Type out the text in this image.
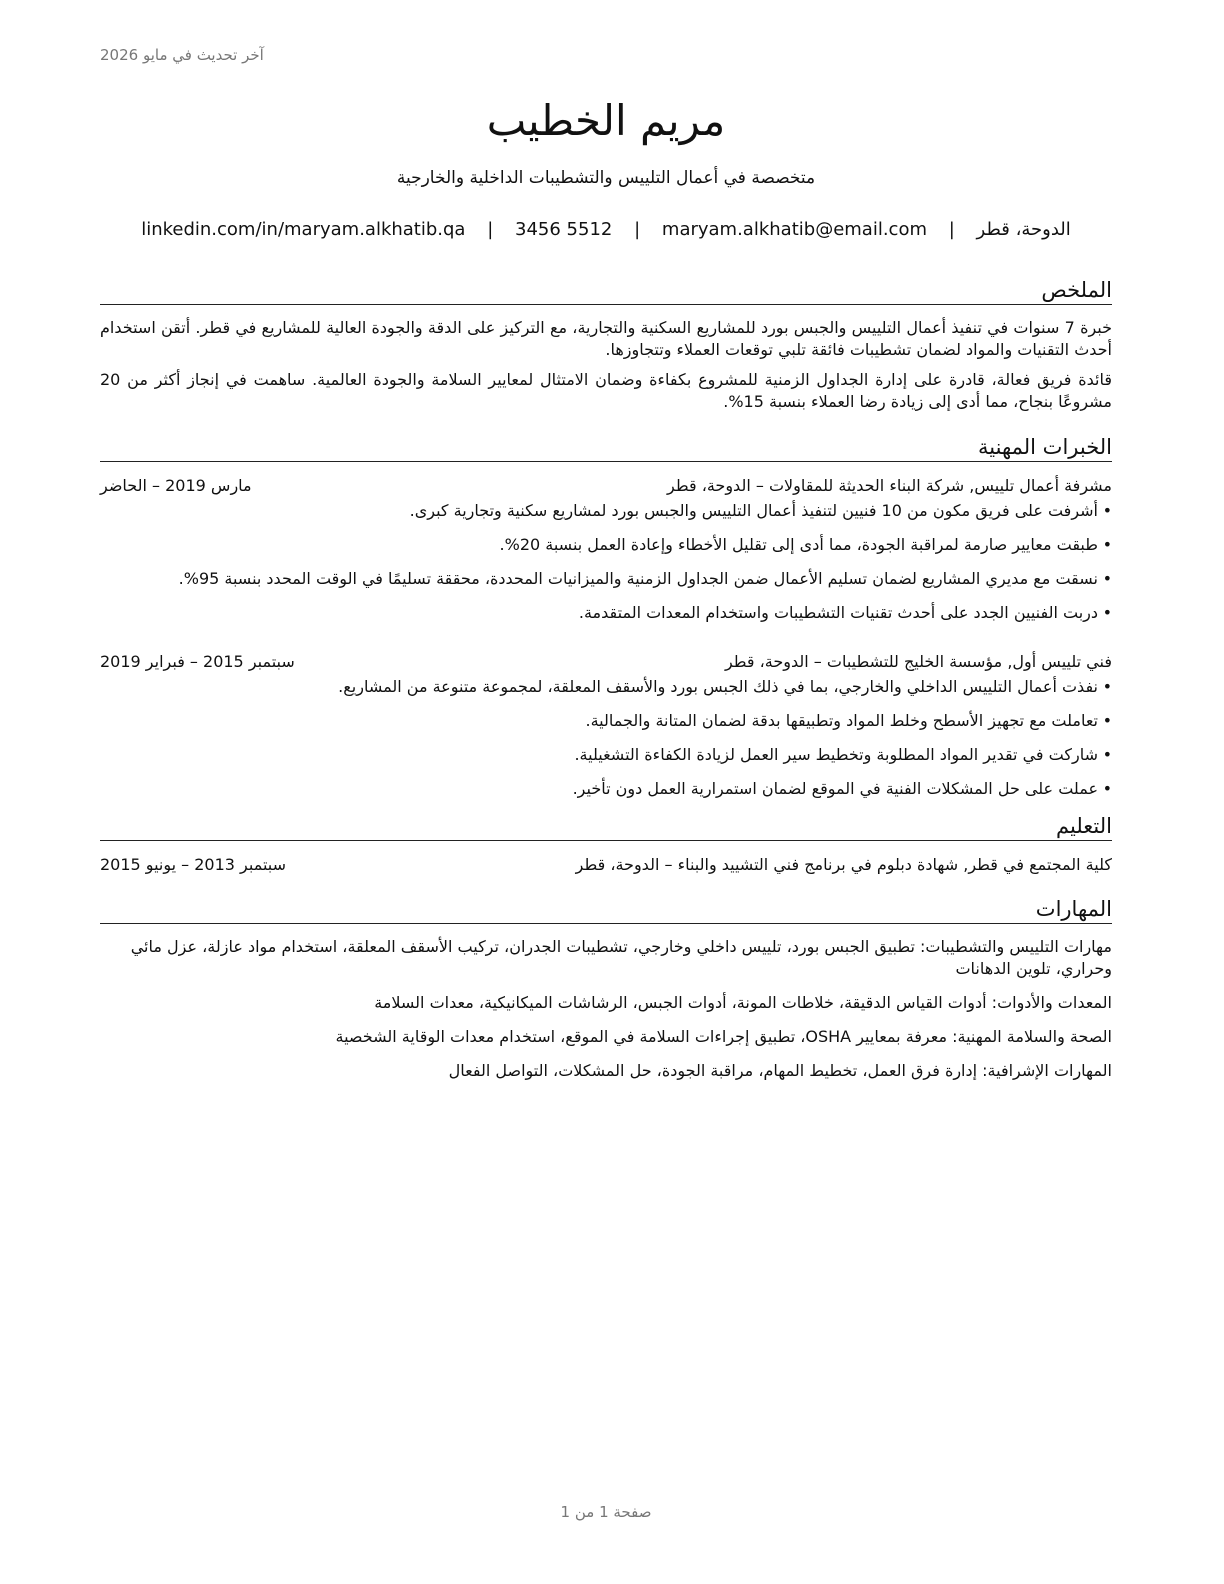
آخر تحديث في مايو 2026
مريم الخطيب
متخصصة في أعمال التلييس والتشطيبات الداخلية والخارجية
الدوحة، قطر | maryam.alkhatib@email.com | 3456 5512 | linkedin.com/in/maryam.alkhatib.qa
الملخص

خبرة 7 سنوات في تنفيذ أعمال التلييس والجبس بورد للمشاريع السكنية والتجارية، مع التركيز على الدقة والجودة العالية للمشاريع في قطر. أتقن استخدام أحدث التقنيات والمواد لضمان تشطيبات فائقة تلبي توقعات العملاء وتتجاوزها.

قائدة فريق فعالة، قادرة على إدارة الجداول الزمنية للمشروع بكفاءة وضمان الامتثال لمعايير السلامة والجودة العالمية. ساهمت في إنجاز أكثر من 20 مشروعًا بنجاح، مما أدى إلى زيادة رضا العملاء بنسبة 15%.

الخبرات المهنية
مشرفة أعمال تلييس, شركة البناء الحديثة للمقاولات – الدوحة، قطر
مارس 2019 – الحاضر
•أشرفت على فريق مكون من 10 فنيين لتنفيذ أعمال التلييس والجبس بورد لمشاريع سكنية وتجارية كبرى.
•طبقت معايير صارمة لمراقبة الجودة، مما أدى إلى تقليل الأخطاء وإعادة العمل بنسبة 20%.
•نسقت مع مديري المشاريع لضمان تسليم الأعمال ضمن الجداول الزمنية والميزانيات المحددة، محققة تسليمًا في الوقت المحدد بنسبة 95%.
•دربت الفنيين الجدد على أحدث تقنيات التشطيبات واستخدام المعدات المتقدمة.
فني تلييس أول, مؤسسة الخليج للتشطيبات – الدوحة، قطر
سبتمبر 2015 – فبراير 2019
•نفذت أعمال التلييس الداخلي والخارجي، بما في ذلك الجبس بورد والأسقف المعلقة، لمجموعة متنوعة من المشاريع.
•تعاملت مع تجهيز الأسطح وخلط المواد وتطبيقها بدقة لضمان المتانة والجمالية.
•شاركت في تقدير المواد المطلوبة وتخطيط سير العمل لزيادة الكفاءة التشغيلية.
•عملت على حل المشكلات الفنية في الموقع لضمان استمرارية العمل دون تأخير.
التعليم
كلية المجتمع في قطر, شهادة دبلوم في برنامج فني التشييد والبناء – الدوحة، قطر
سبتمبر 2013 – يونيو 2015
المهارات

مهارات التلييس والتشطيبات: تطبيق الجبس بورد، تلييس داخلي وخارجي، تشطيبات الجدران، تركيب الأسقف المعلقة، استخدام مواد عازلة، عزل مائي وحراري، تلوين الدهانات

المعدات والأدوات: أدوات القياس الدقيقة، خلاطات المونة، أدوات الجبس، الرشاشات الميكانيكية، معدات السلامة

الصحة والسلامة المهنية: معرفة بمعايير OSHA، تطبيق إجراءات السلامة في الموقع، استخدام معدات الوقاية الشخصية

المهارات الإشرافية: إدارة فرق العمل، تخطيط المهام، مراقبة الجودة، حل المشكلات، التواصل الفعال

صفحة 1 من 1
